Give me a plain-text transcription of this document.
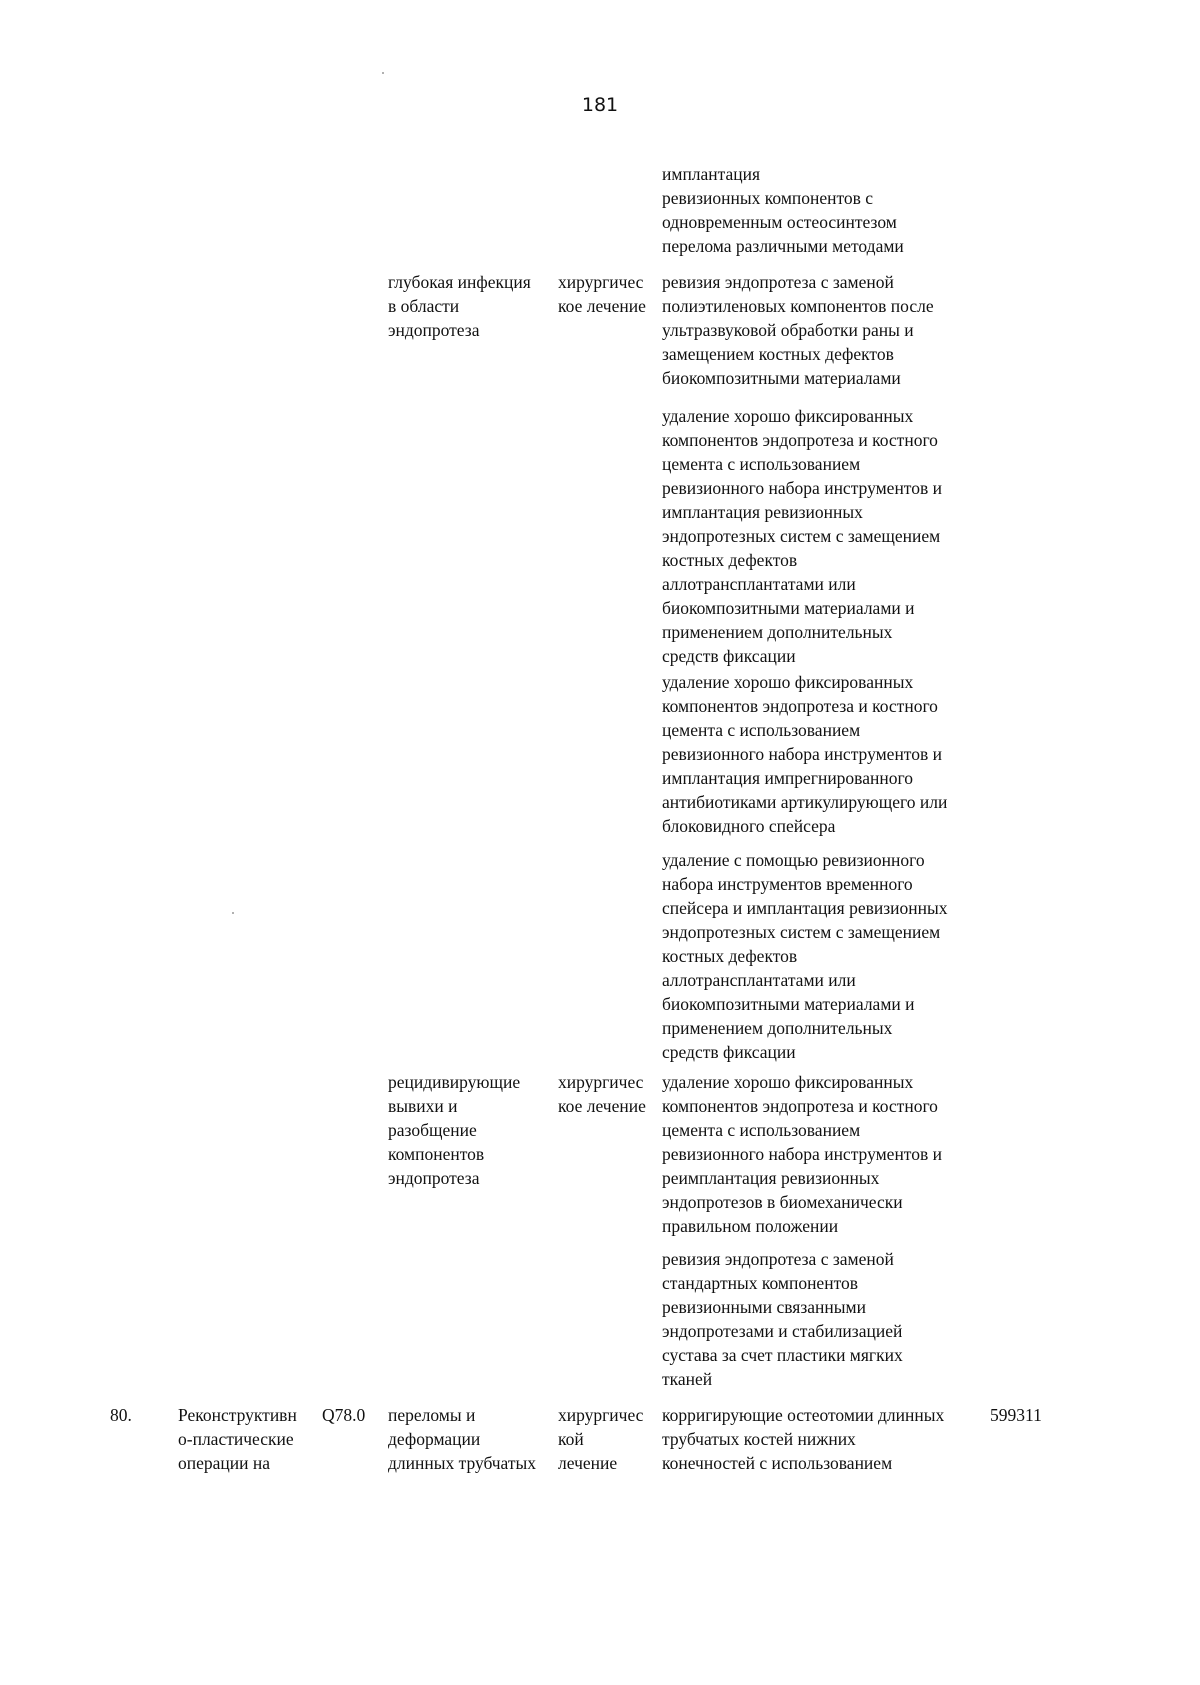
181

имплантация
ревизионных компонентов с
одновременным остеосинтезом
перелома различными методами

глубокая инфекция
в области
эндопротеза

хирургичес
кое лечение

ревизия эндопротеза с заменой
полиэтиленовых компонентов после
ультразвуковой обработки раны и
замещением костных дефектов
биокомпозитными материалами

удаление хорошо фиксированных
компонентов эндопротеза и костного
цемента с использованием
ревизионного набора инструментов и
имплантация ревизионных
эндопротезных систем с замещением
костных дефектов
аллотрансплантатами или
биокомпозитными материалами и
применением дополнительных
средств фиксации

удаление хорошо фиксированных
компонентов эндопротеза и костного
цемента с использованием
ревизионного набора инструментов и
имплантация импрегнированного
антибиотиками артикулирующего или
блоковидного спейсера

удаление с помощью ревизионного
набора инструментов временного
спейсера и имплантация ревизионных
эндопротезных систем с замещением
костных дефектов
аллотрансплантатами или
биокомпозитными материалами и
применением дополнительных
средств фиксации

рецидивирующие
вывихи и
разобщение
компонентов
эндопротеза

хирургичес
кое лечение

удаление хорошо фиксированных
компонентов эндопротеза и костного
цемента с использованием
ревизионного набора инструментов и
реимплантация ревизионных
эндопротезов в биомеханически
правильном положении

ревизия эндопротеза с заменой
стандартных компонентов
ревизионными связанными
эндопротезами и стабилизацией
сустава за счет пластики мягких
тканей

80.	Реконструктивн
о-пластические
операции на

Q78.0 переломы и
деформации
длинных трубчатых

хирургичес
кой
лечение

корригирующие остеотомии длинных
трубчатых костей нижних
конечностей с использованием

599311
